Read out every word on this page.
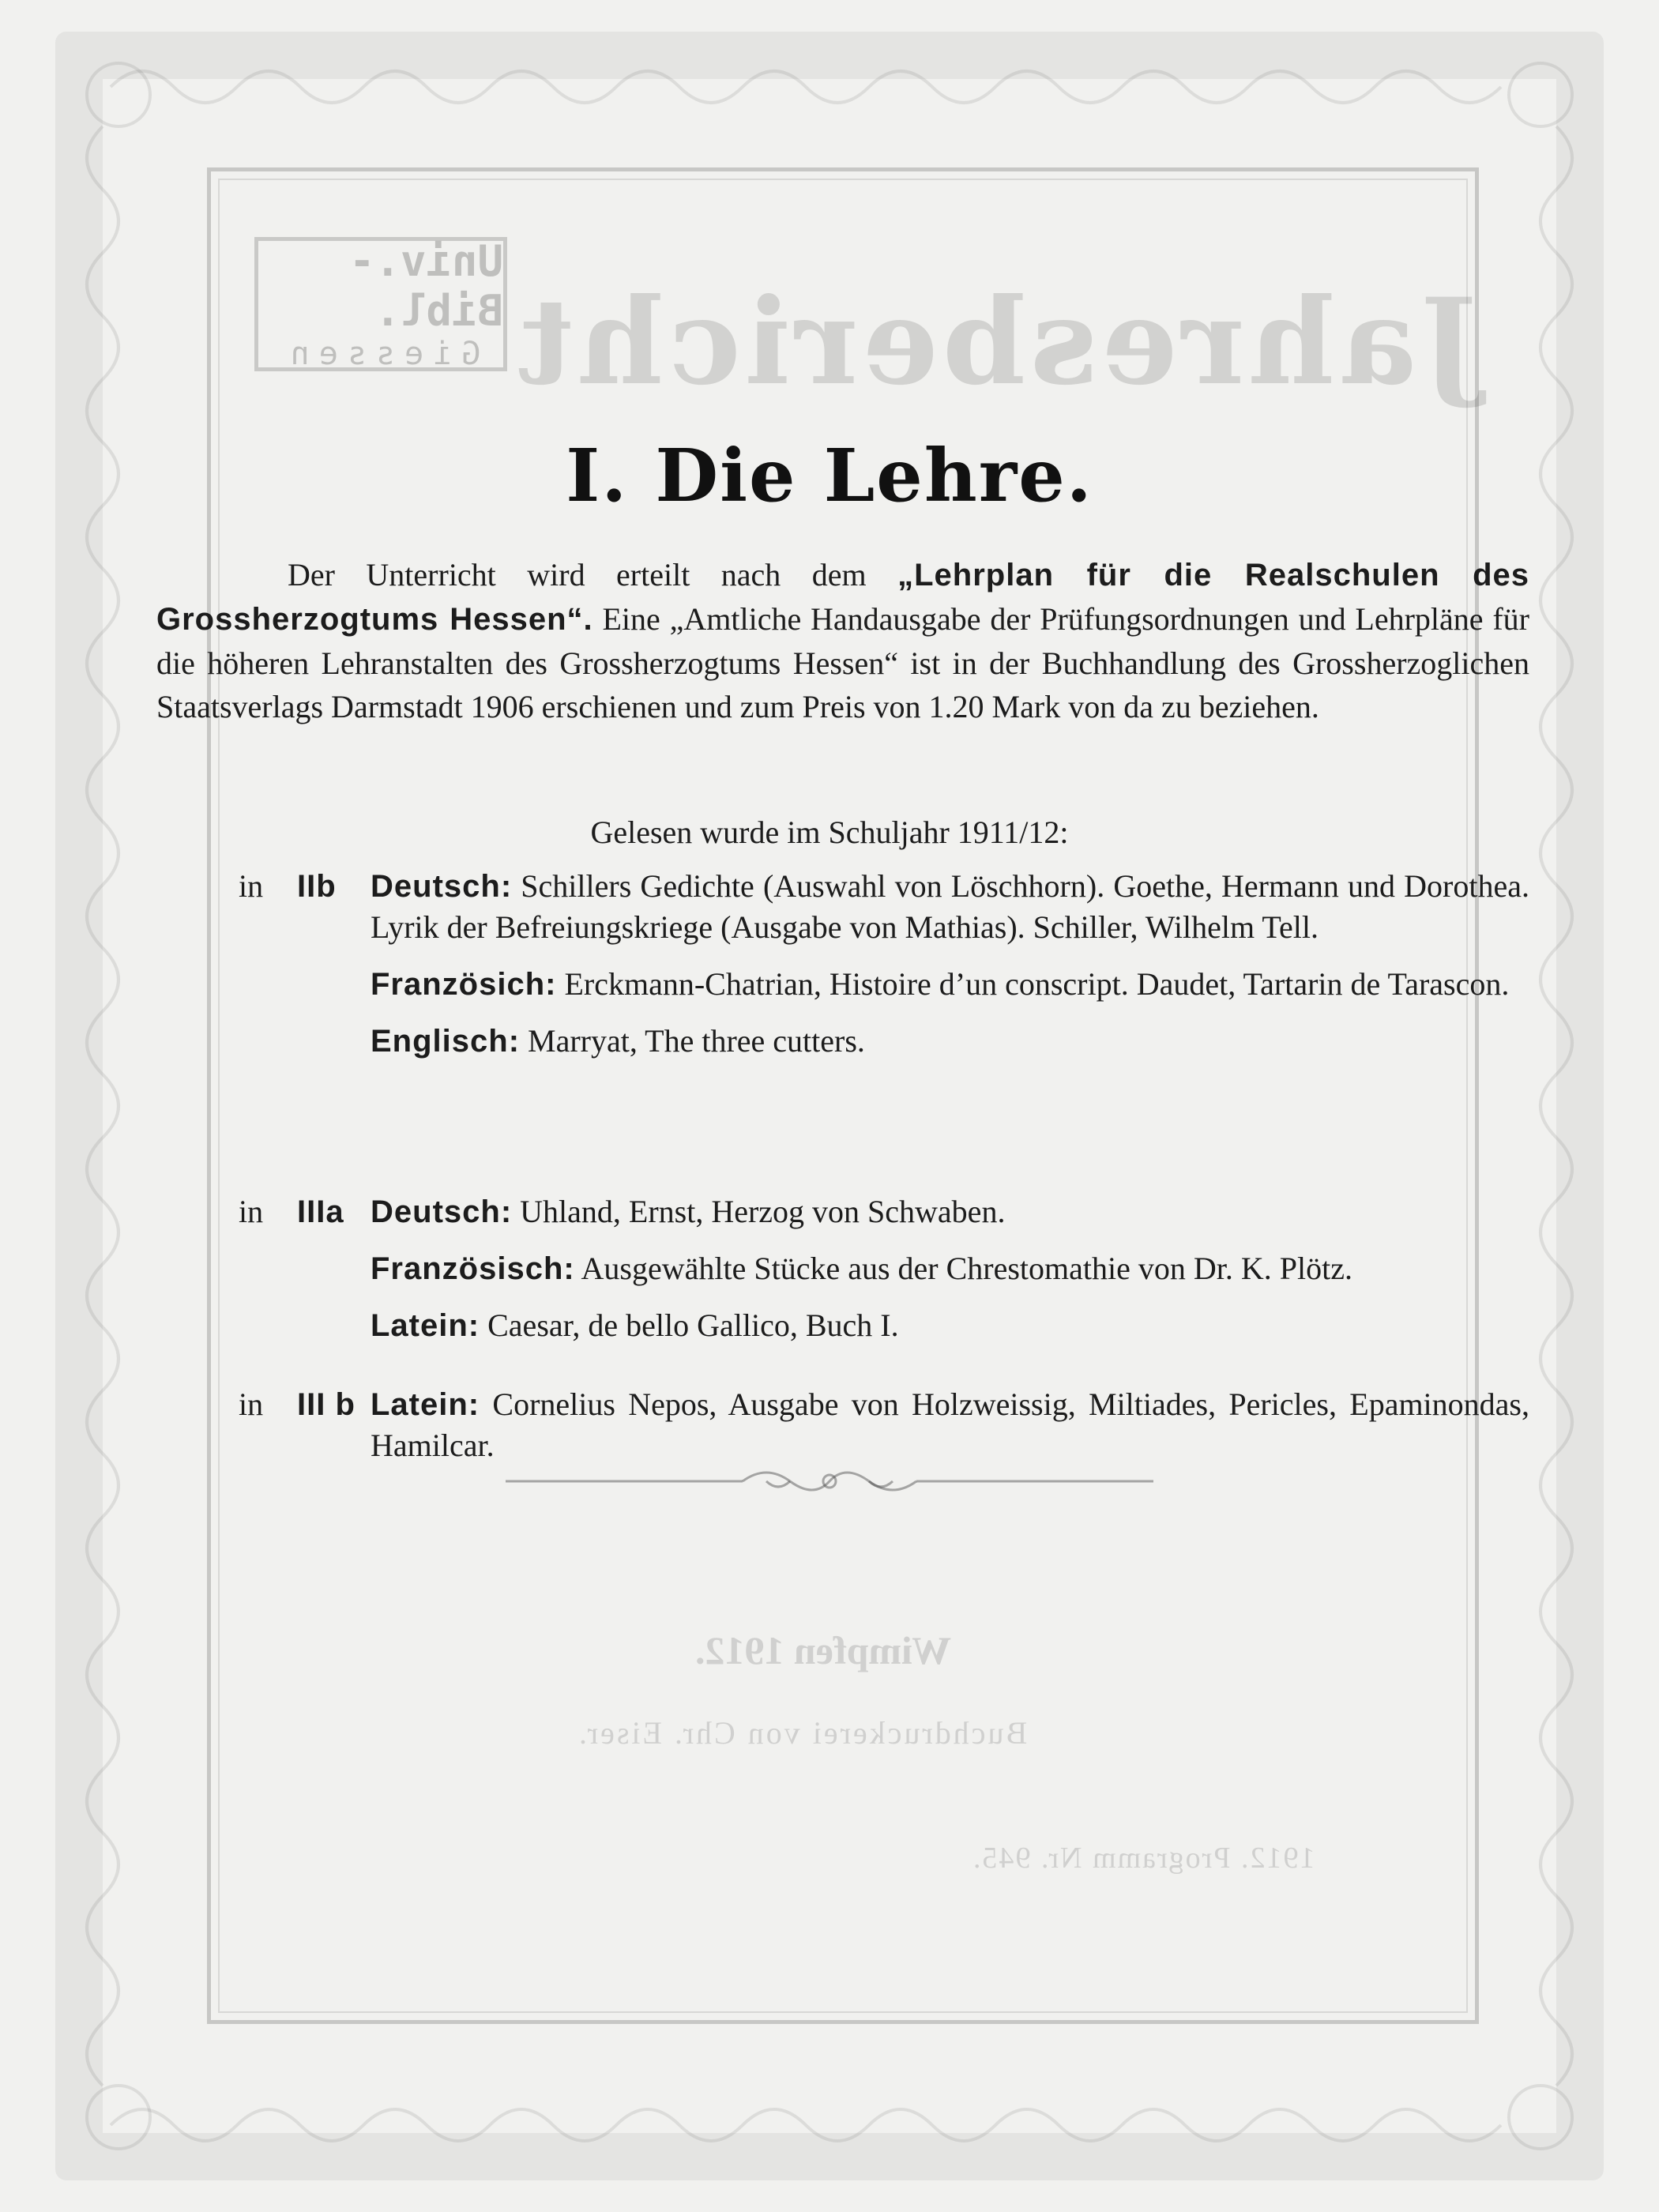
Univ.-Bibl.
Giessen Jahresbericht
Wimpfen 1912.
Buchdruckerei von Chr. Eiser.
1912. Programm Nr. 945.
I. Die Lehre.
Der Unterricht wird erteilt nach dem „Lehrplan für die Realschulen des Grossherzogtums Hessen“. Eine „Amtliche Handausgabe der Prüfungsordnungen und Lehrpläne für die höheren Lehranstalten des Grossherzogtums Hessen“ ist in der Buchhandlung des Grossherzoglichen Staatsverlags Darmstadt 1906 erschienen und zum Preis von 1.20 Mark von da zu beziehen.
Gelesen wurde im Schuljahr 1911/12:
in	IIb	Deutsch: Schillers Gedichte (Auswahl von Löschhorn). Goethe, Hermann und Dorothea. Lyrik der Befreiungskriege (Ausgabe von Mathias). Schiller, Wilhelm Tell.
Französich: Erckmann-Chatrian, Histoire d’un conscript. Daudet, Tartarin de Tarascon.
Englisch: Marryat, The three cutters.
in	IIIa Deutsch: Uhland, Ernst, Herzog von Schwaben.
Französisch: Ausgewählte Stücke aus der Chrestomathie von Dr. K. Plötz.
Latein: Caesar, de bello Gallico, Buch I.
in	III b Latein: Cornelius Nepos, Ausgabe von Holzweissig, Miltiades, Pericles, Epaminondas, Hamilcar.
